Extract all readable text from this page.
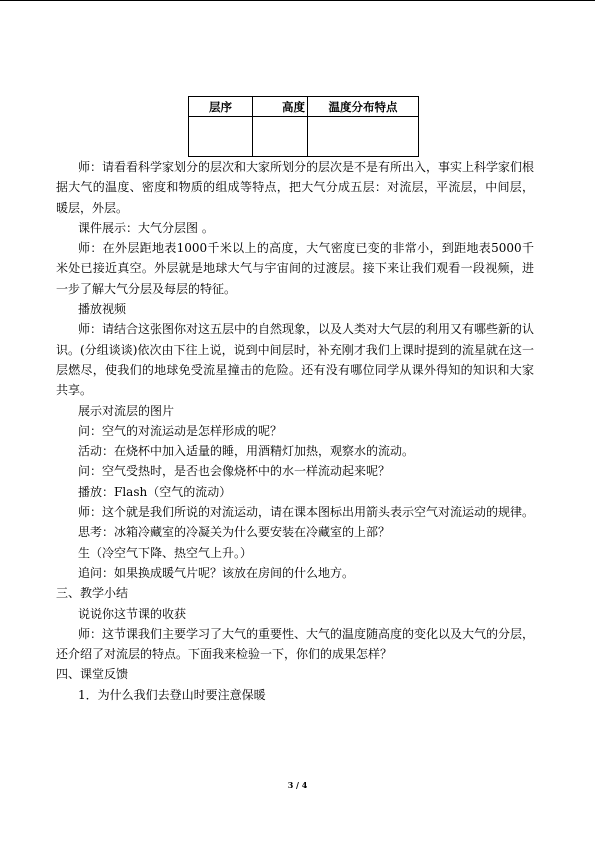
层序	高度	温度分布特点

师：请看看科学家划分的层次和大家所划分的层次是不是有所出入，事实上科学家们根据大气的温度、密度和物质的组成等特点，把大气分成五层：对流层，平流层，中间层，暖层，外层。

课件展示：大气分层图 。

师：在外层距地表1000千米以上的高度，大气密度已变的非常小，到距地表5000千米处已接近真空。外层就是地球大气与宇宙间的过渡层。接下来让我们观看一段视频，进一步了解大气分层及每层的特征。

播放视频

师：请结合这张图你对这五层中的自然现象，以及人类对大气层的利用又有哪些新的认识。(分组谈谈)依次由下往上说，说到中间层时，补充刚才我们上课时提到的流星就在这一层燃尽，使我们的地球免受流星撞击的危险。还有没有哪位同学从课外得知的知识和大家共享。

展示对流层的图片

问：空气的对流运动是怎样形成的呢？

活动：在烧杯中加入适量的睡，用酒精灯加热，观察水的流动。

问：空气受热时，是否也会像烧杯中的水一样流动起来呢？

播放：Flash（空气的流动）

师：这个就是我们所说的对流运动，请在课本图标出用箭头表示空气对流运动的规律。

思考：冰箱冷藏室的冷凝关为什么要安装在冷藏室的上部？

生（冷空气下降、热空气上升。）

追问：如果换成暖气片呢？该放在房间的什么地方。

三、教学小结

说说你这节课的收获

师：这节课我们主要学习了大气的重要性、大气的温度随高度的变化以及大气的分层，还介绍了对流层的特点。下面我来检验一下，你们的成果怎样？

四、课堂反馈

1．为什么我们去登山时要注意保暖

3 / 4
